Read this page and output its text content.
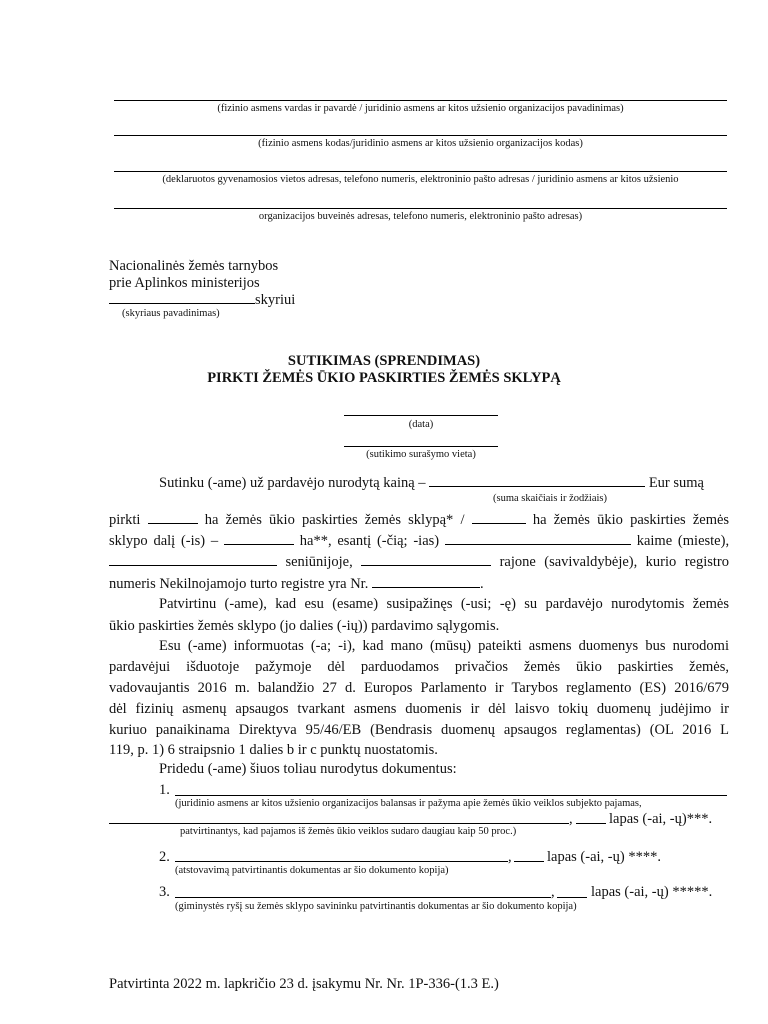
(fizinio asmens vardas ir pavardė / juridinio asmens ar kitos užsienio organizacijos pavadinimas)
(fizinio asmens kodas/juridinio asmens ar kitos užsienio organizacijos kodas)
(deklaruotos gyvenamosios vietos adresas, telefono numeris, elektroninio pašto adresas / juridinio asmens ar kitos užsienio
organizacijos buveinės adresas, telefono numeris, elektroninio pašto adresas)
Nacionalinės žemės tarnybos
prie Aplinkos ministerijos
skyriui
(skyriaus pavadinimas)
SUTIKIMAS (SPRENDIMAS)
PIRKTI ŽEMĖS ŪKIO PASKIRTIES ŽEMĖS SKLYPĄ
(data)
(sutikimo surašymo vieta)
Sutinku (-ame) už pardavėjo nurodytą kainą –	Eur sumą
(suma skaičiais ir žodžiais)
pirkti	ha žemės ūkio paskirties žemės sklypą* /	ha žemės ūkio paskirties žemės
sklypo dalį (-is) –	ha**, esantį (-čią; -ias)	kaime (mieste),
seniūnijoje,	rajone (savivaldybėje), kurio registro
numeris Nekilnojamojo turto registre yra Nr.	.
Patvirtinu (-ame), kad esu (esame) susipažinęs (-usi; -ę) su pardavėjo nurodytomis žemės
ūkio paskirties žemės sklypo (jo dalies (-ių)) pardavimo sąlygomis.
Esu (-ame) informuotas (-a; -i), kad mano (mūsų) pateikti asmens duomenys bus nurodomi
pardavėjui išduotoje pažymoje dėl parduodamos privačios žemės ūkio paskirties žemės,
vadovaujantis 2016 m. balandžio 27 d. Europos Parlamento ir Tarybos reglamento (ES) 2016/679
dėl fizinių asmenų apsaugos tvarkant asmens duomenis ir dėl laisvo tokių duomenų judėjimo ir
kuriuo panaikinama Direktyva 95/46/EB (Bendrasis duomenų apsaugos reglamentas) (OL 2016 L
119, p. 1) 6 straipsnio 1 dalies b ir c punktų nuostatomis.
Pridedu (-ame) šiuos toliau nurodytus dokumentus:
1.
(juridinio asmens ar kitos užsienio organizacijos balansas ir pažyma apie žemės ūkio veiklos subjekto pajamas,
,	lapas (-ai, -ų)***.
patvirtinantys, kad pajamos iš žemės ūkio veiklos sudaro daugiau kaip 50 proc.)
2.	, lapas (-ai, -ų) ****.
(atstovavimą patvirtinantis dokumentas ar šio dokumento kopija)
3.	,	lapas (-ai, -ų) *****.
(giminystės ryšį su žemės sklypo savininku patvirtinantis dokumentas ar šio dokumento kopija)
Patvirtinta 2022 m. lapkričio 23 d. įsakymu Nr. Nr. 1P-336-(1.3 E.)
